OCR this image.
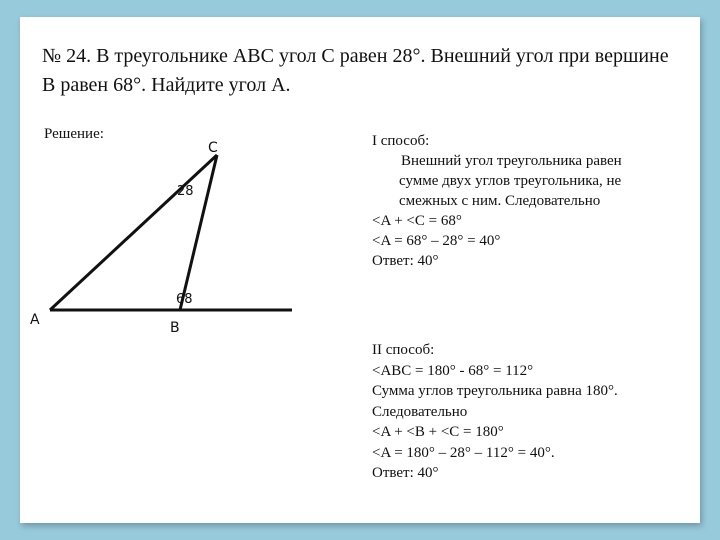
№ 24. В треугольнике АВС угол С равен 28°. Внешний угол при вершине
В равен 68°. Найдите угол А.
Решение:
A	B
C
28
68
I способ:
Внешний угол треугольника равен
сумме двух углов треугольника, не
смежных с ним. Следовательно
<A + <C = 68°
<A = 68° – 28° = 40°
Ответ: 40°
II способ:
<ABC = 180° - 68° = 112°
Сумма углов треугольника равна 180°.
Следовательно
<A + <B + <C = 180°
<A = 180° – 28° – 112° = 40°.
Ответ: 40°
